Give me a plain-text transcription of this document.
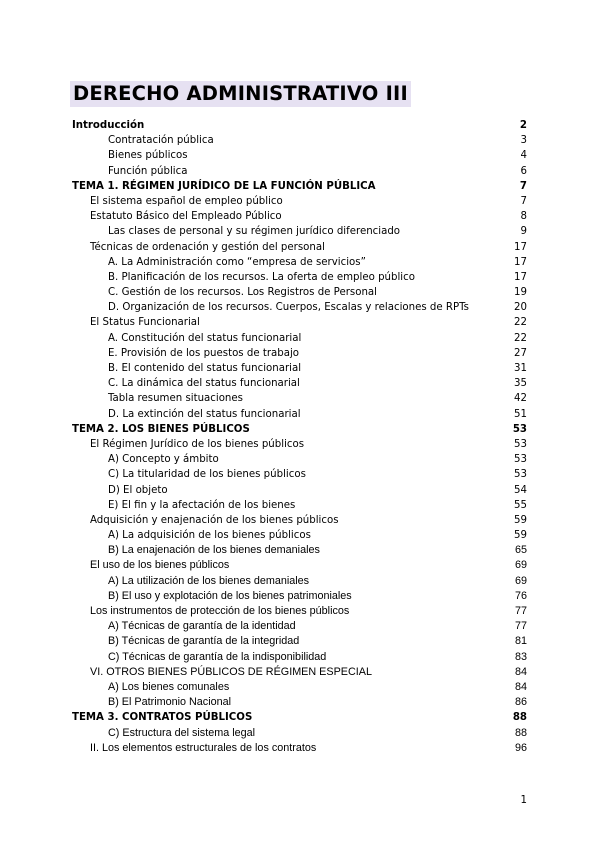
DERECHO ADMINISTRATIVO III
Introducción	2
Contratación pública	3
Bienes públicos	4
Función pública	6
TEMA 1. RÉGIMEN JURÍDICO DE LA FUNCIÓN PÚBLICA	7
El sistema español de empleo público	7
Estatuto Básico del Empleado Público	8
Las clases de personal y su régimen jurídico diferenciado	9
Técnicas de ordenación y gestión del personal	17
A. La Administración como “empresa de servicios”	17
B. Planificación de los recursos. La oferta de empleo público	17
C. Gestión de los recursos. Los Registros de Personal	19
D. Organización de los recursos. Cuerpos, Escalas y relaciones de RPTs	20
El Status Funcionarial	22
A. Constitución del status funcionarial	22
E. Provisión de los puestos de trabajo	27
B. El contenido del status funcionarial	31
C. La dinámica del status funcionarial	35
Tabla resumen situaciones	42
D. La extinción del status funcionarial	51
TEMA 2. LOS BIENES PÚBLICOS	53
El Régimen Jurídico de los bienes públicos	53
A) Concepto y ámbito	53
C) La titularidad de los bienes públicos	53
D) El objeto	54
E) El fin y la afectación de los bienes	55
Adquisición y enajenación de los bienes públicos	59
A) La adquisición de los bienes públicos	59
B) La enajenación de los bienes demaniales	65
El uso de los bienes públicos	69
A) La utilización de los bienes demaniales	69
B) El uso y explotación de los bienes patrimoniales	76
Los instrumentos de protección de los bienes públicos	77
A) Técnicas de garantía de la identidad	77
B) Técnicas de garantía de la integridad	81
C) Técnicas de garantía de la indisponibilidad	83
VI. OTROS BIENES PÚBLICOS DE RÉGIMEN ESPECIAL	84
A) Los bienes comunales	84
B) El Patrimonio Nacional	86
TEMA 3. CONTRATOS PÚBLICOS	88
C) Estructura del sistema legal	88
II. Los elementos estructurales de los contratos	96
1
